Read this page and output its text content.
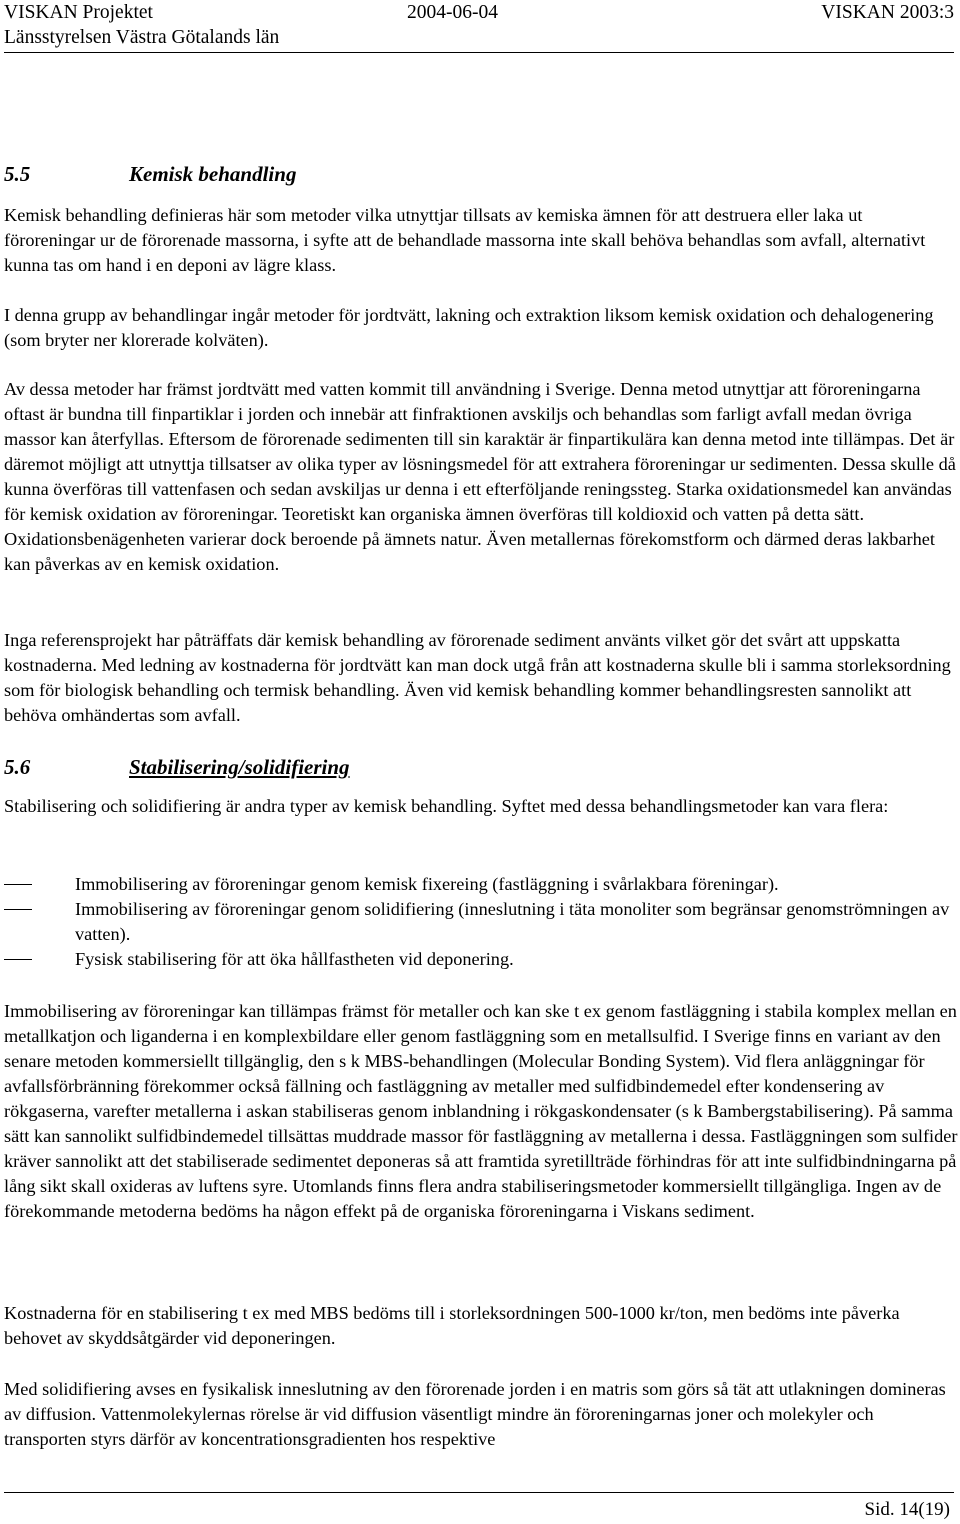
VISKAN Projektet	2004-06-04	VISKAN 2003:3
Länsstyrelsen Västra Götalands län
5.5	Kemisk behandling

Kemisk behandling definieras här som metoder vilka utnyttjar tillsats av kemiska ämnen för att destruera eller laka ut föroreningar ur de förorenade massorna, i syfte att de behandlade massorna inte skall behöva behandlas som avfall, alternativt kunna tas om hand i en deponi av lägre klass.

I denna grupp av behandlingar ingår metoder för jordtvätt, lakning och extraktion liksom kemisk oxidation och dehalogenering (som bryter ner klorerade kolväten).

Av dessa metoder har främst jordtvätt med vatten kommit till användning i Sverige. Denna metod utnyttjar att föroreningarna oftast är bundna till finpartiklar i jorden och innebär att finfraktionen avskiljs och behandlas som farligt avfall medan övriga massor kan återfyllas. Eftersom de förorenade sedimenten till sin karaktär är finpartikulära kan denna metod inte tillämpas. Det är däremot möjligt att utnyttja tillsatser av olika typer av lösningsmedel för att extrahera föroreningar ur sedimenten. Dessa skulle då kunna överföras till vattenfasen och sedan avskiljas ur denna i ett efterföljande reningssteg. Starka oxidationsmedel kan användas för kemisk oxidation av föroreningar. Teoretiskt kan organiska ämnen överföras till koldioxid och vatten på detta sätt. Oxidationsbenägenheten varierar dock beroende på ämnets natur. Även metallernas förekomstform och därmed deras lakbarhet kan påverkas av en kemisk oxidation.

Inga referensprojekt har påträffats där kemisk behandling av förorenade sediment använts vilket gör det svårt att uppskatta kostnaderna. Med ledning av kostnaderna för jordtvätt kan man dock utgå från att kostnaderna skulle bli i samma storleksordning som för biologisk behandling och termisk behandling. Även vid kemisk behandling kommer behandlingsresten sannolikt att behöva omhändertas som avfall.

5.6	Stabilisering/solidifiering

Stabilisering och solidifiering är andra typer av kemisk behandling. Syftet med dessa behandlingsmetoder kan vara flera:

Immobilisering av föroreningar genom kemisk fixereing (fastläggning i svårlakbara föreningar).
Immobilisering av föroreningar genom solidifiering (inneslutning i täta monoliter som begränsar genomströmningen av vatten).
Fysisk stabilisering för att öka hållfastheten vid deponering.

Immobilisering av föroreningar kan tillämpas främst för metaller och kan ske t ex genom fastläggning i stabila komplex mellan en metallkatjon och liganderna i en komplexbildare eller genom fastläggning som en metallsulfid. I Sverige finns en variant av den senare metoden kommersiellt tillgänglig, den s k MBS-behandlingen (Molecular Bonding System). Vid flera anläggningar för avfallsförbränning förekommer också fällning och fastläggning av metaller med sulfidbindemedel efter kondensering av rökgaserna, varefter metallerna i askan stabiliseras genom inblandning i rökgaskondensater (s k Bambergstabilisering). På samma sätt kan sannolikt sulfidbindemedel tillsättas muddrade massor för fastläggning av metallerna i dessa. Fastläggningen som sulfider kräver sannolikt att det stabiliserade sedimentet deponeras så att framtida syretillträde förhindras för att inte sulfidbindningarna på lång sikt skall oxideras av luftens syre. Utomlands finns flera andra stabiliseringsmetoder kommersiellt tillgängliga. Ingen av de förekommande metoderna bedöms ha någon effekt på de organiska föroreningarna i Viskans sediment.

Kostnaderna för en stabilisering t ex med MBS bedöms till i storleksordningen 500-1000 kr/ton, men bedöms inte påverka behovet av skyddsåtgärder vid deponeringen.

Med solidifiering avses en fysikalisk inneslutning av den förorenade jorden i en matris som görs så tät att utlakningen domineras av diffusion. Vattenmolekylernas rörelse är vid diffusion väsentligt mindre än föroreningarnas joner och molekyler och transporten styrs därför av koncentrationsgradienten hos respektive

Sid. 14(19)
